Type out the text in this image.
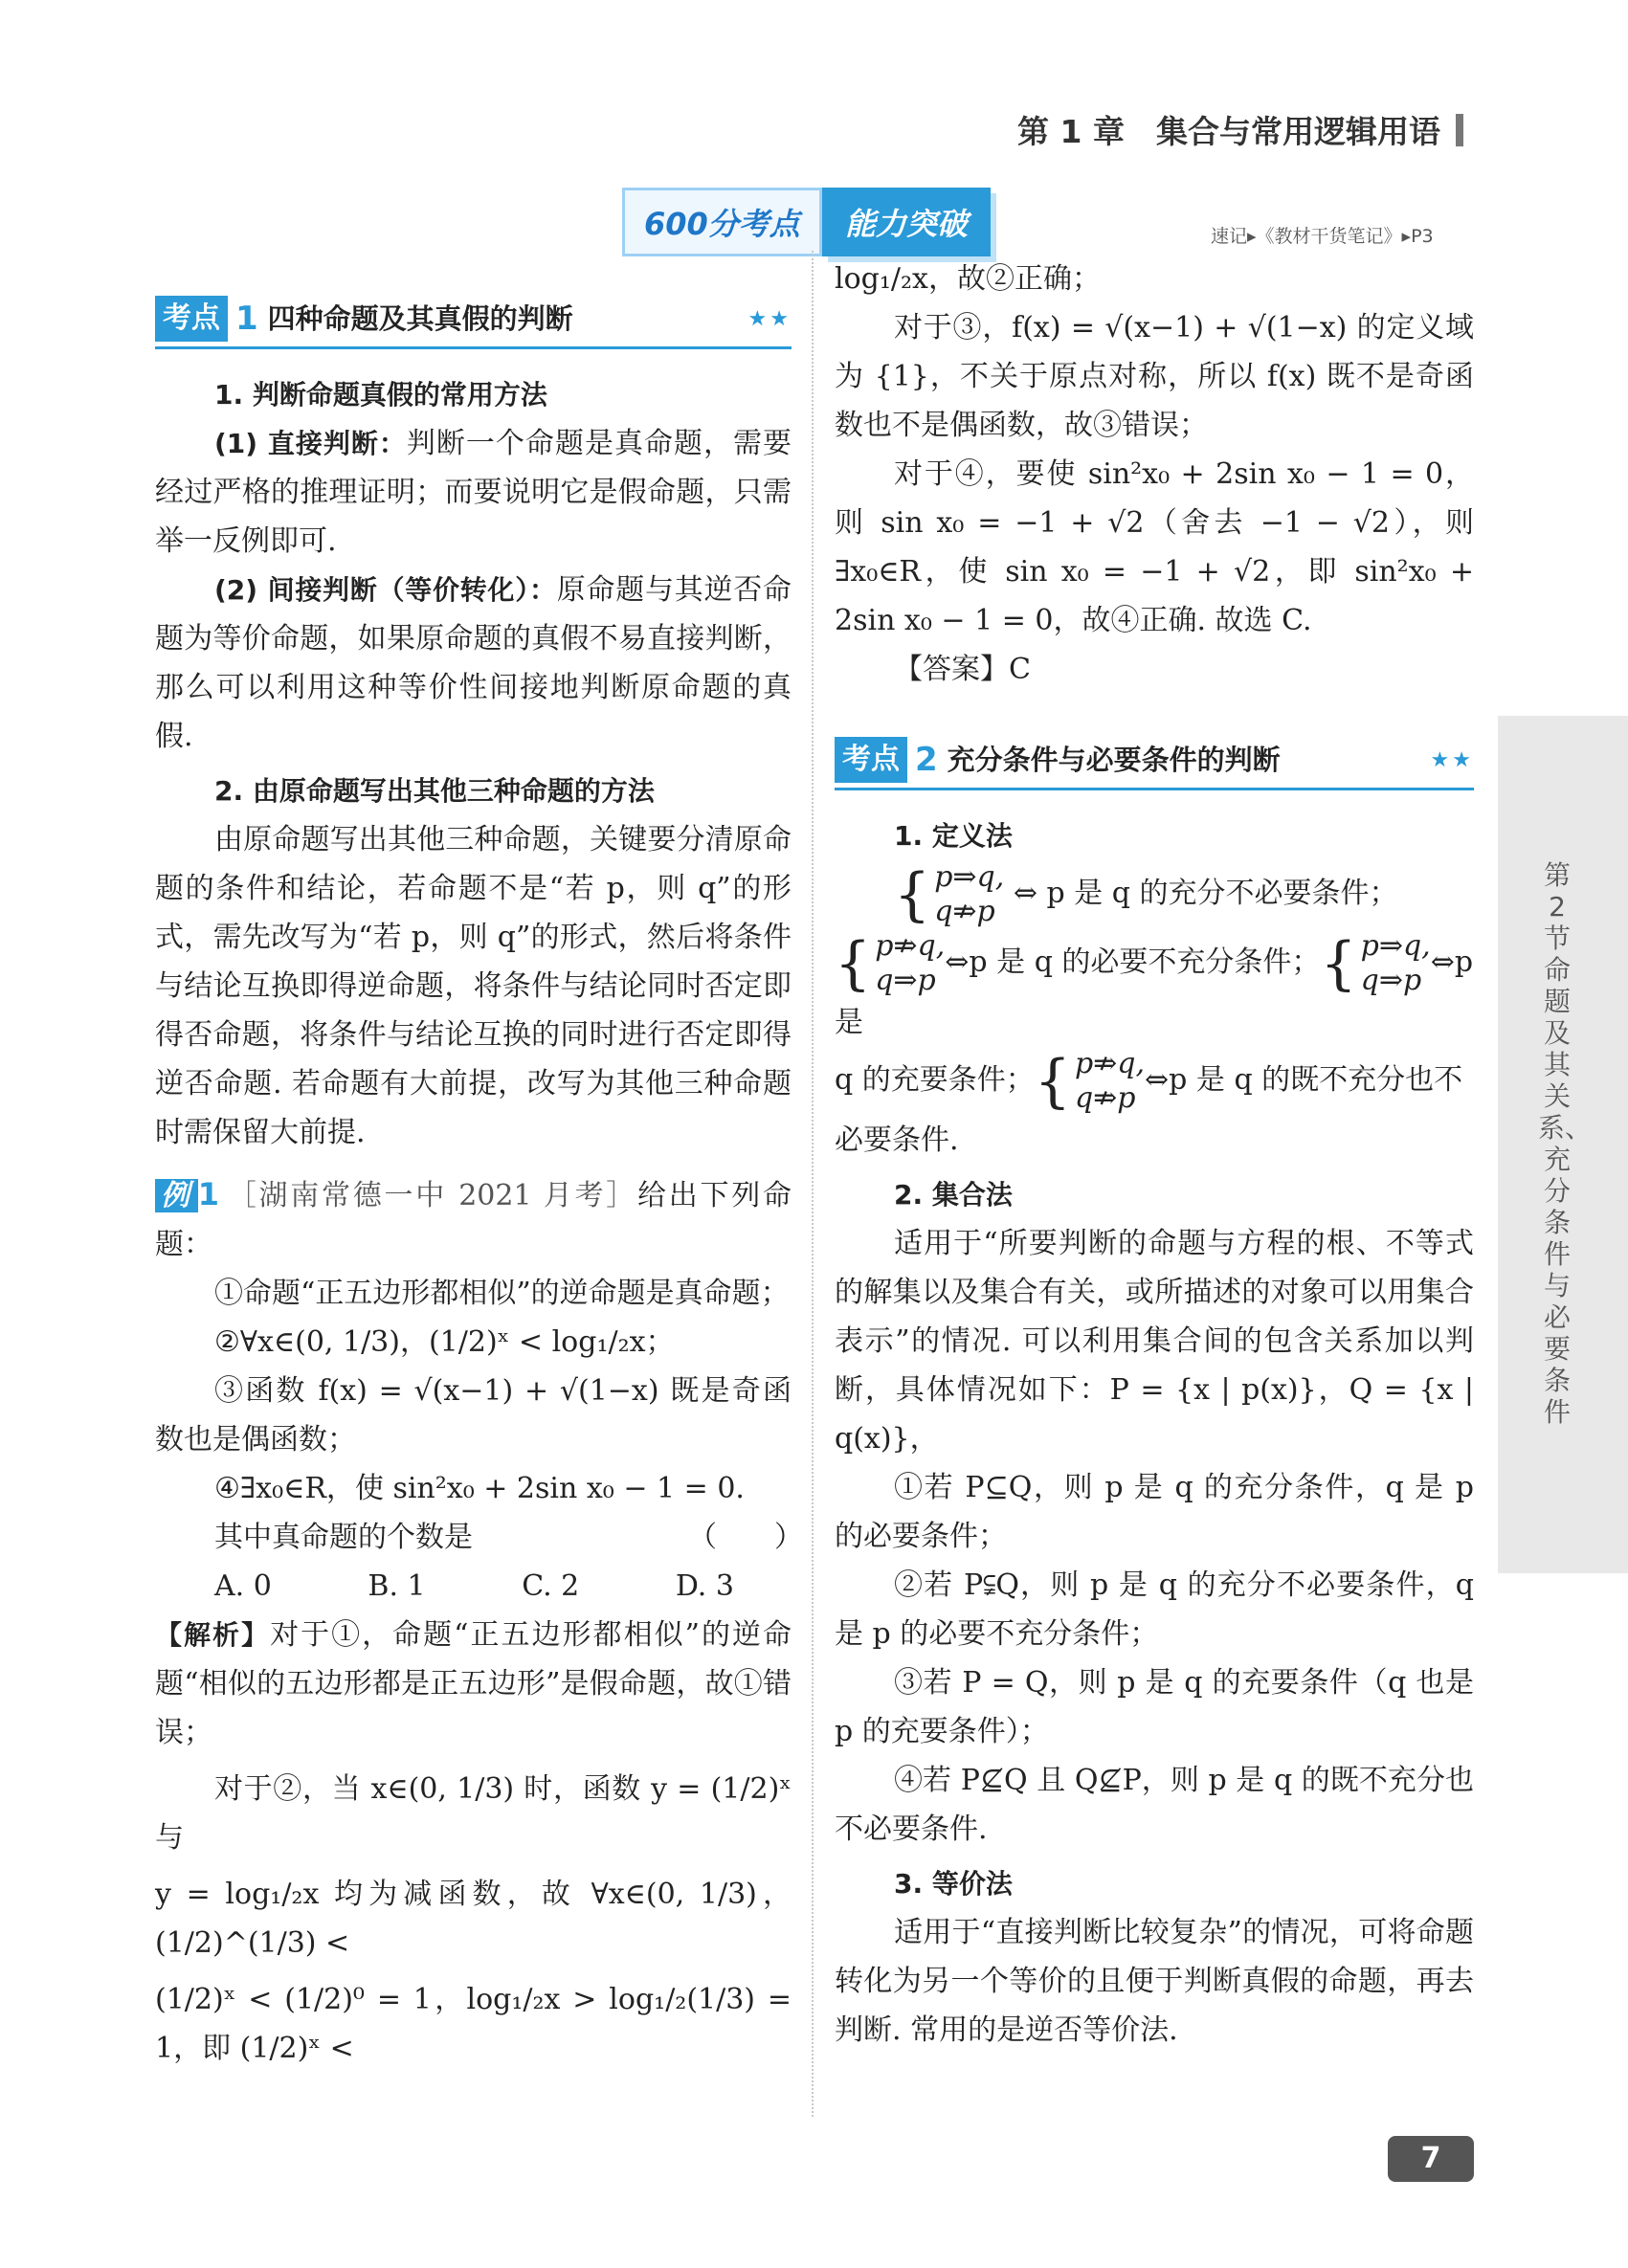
第 1 章　集合与常用逻辑用语
600分考点	能力突破	速记▸《教材干货笔记》▸P3
考点 1 四种命题及其真假的判断	★★

1. 判断命题真假的常用方法

(1) 直接判断：判断一个命题是真命题，需要经过严格的推理证明；而要说明它是假命题，只需举一反例即可.

(2) 间接判断（等价转化）：原命题与其逆否命题为等价命题，如果原命题的真假不易直接判断，那么可以利用这种等价性间接地判断原命题的真假.

2. 由原命题写出其他三种命题的方法

由原命题写出其他三种命题，关键要分清原命题的条件和结论，若命题不是“若 p，则 q”的形式，需先改写为“若 p，则 q”的形式，然后将条件与结论互换即得逆命题，将条件与结论同时否定即得否命题，将条件与结论互换的同时进行否定即得逆否命题. 若命题有大前提，改写为其他三种命题时需保留大前提.

例 1 ［湖南常德一中 2021 月考］给出下列命题：

①命题“正五边形都相似”的逆命题是真命题；

②∀x∈(0, 1/3)，(1/2)ˣ < log₁/₂x；

③函数 f(x) = √(x−1) + √(1−x) 既是奇函数也是偶函数；

④∃x₀∈R，使 sin²x₀ + 2sin x₀ − 1 = 0.

其中真命题的个数是　　　　　　　　（　　）

A. 0	B. 1	C. 2	D. 3

【解析】对于①，命题“正五边形都相似”的逆命题“相似的五边形都是正五边形”是假命题，故①错误；

对于②，当 x∈(0, 1/3) 时，函数 y = (1/2)ˣ 与

y = log₁/₂x 均为减函数，故 ∀x∈(0, 1/3)，(1/2)^(1/3) <

(1/2)ˣ < (1/2)⁰ = 1，log₁/₂x > log₁/₂(1/3) = 1，即 (1/2)ˣ <

log₁/₂x，故②正确；

对于③，f(x) = √(x−1) + √(1−x) 的定义域为 {1}，不关于原点对称，所以 f(x) 既不是奇函数也不是偶函数，故③错误；

对于④，要使 sin²x₀ + 2sin x₀ − 1 = 0，则 sin x₀ = −1 + √2（舍去 −1 − √2），则 ∃x₀∈R，使 sin x₀ = −1 + √2，即 sin²x₀ + 2sin x₀ − 1 = 0，故④正确. 故选 C.

【答案】C

考点 2 充分条件与必要条件的判断	★★

1. 定义法

{ p⇒q,
q⇏p ⇔ p 是 q 的充分不必要条件；
{ p⇏q,
q⇒p⇔p 是 q 的必要不充分条件；{ p⇒q,
q⇒p⇔p 是
q 的充要条件；{ p⇏q,
q⇏p⇔p 是 q 的既不充分也不必要条件.

2. 集合法

适用于“所要判断的命题与方程的根、不等式的解集以及集合有关，或所描述的对象可以用集合表示”的情况. 可以利用集合间的包含关系加以判断，具体情况如下：P = {x | p(x)}，Q = {x | q(x)}，

①若 P⊆Q，则 p 是 q 的充分条件，q 是 p 的必要条件；

②若 P⫋Q，则 p 是 q 的充分不必要条件，q 是 p 的必要不充分条件；

③若 P = Q，则 p 是 q 的充要条件（q 也是 p 的充要条件）；

④若 P⊈Q 且 Q⊈P，则 p 是 q 的既不充分也不必要条件.

3. 等价法

适用于“直接判断比较复杂”的情况，可将命题转化为另一个等价的且便于判断真假的命题，再去判断. 常用的是逆否等价法.

第2节　命题及其关系、充分条件与必要条件
7
